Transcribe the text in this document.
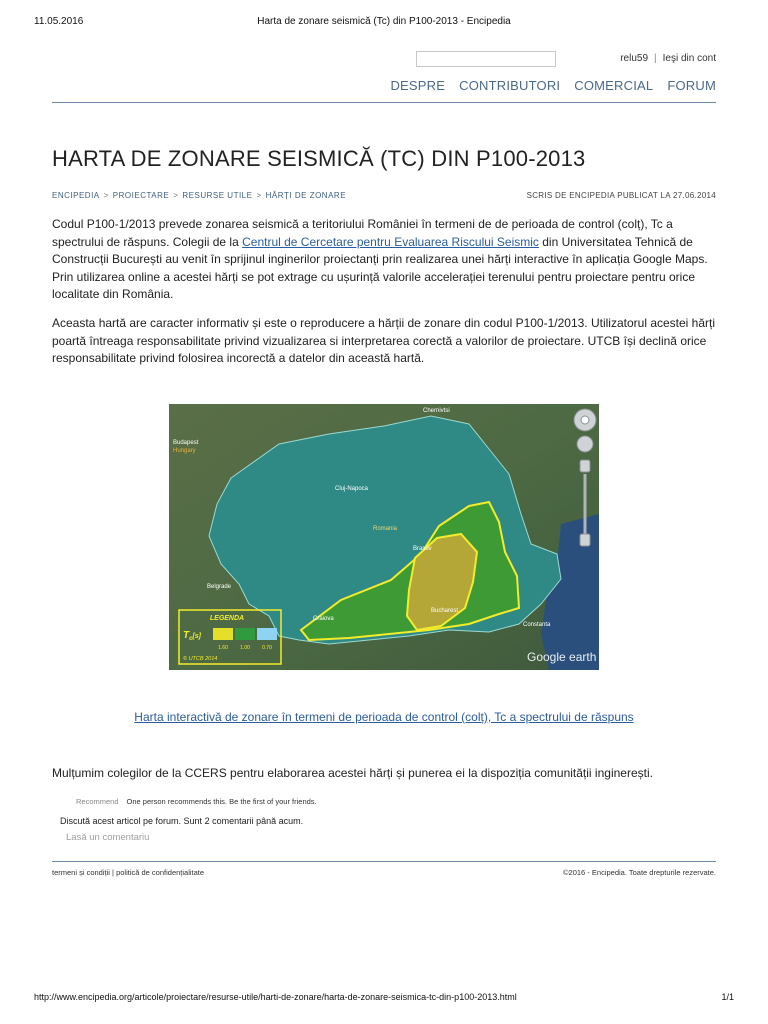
11.05.2016	Harta de zonare seismică (Tc) din P100-2013 - Encipedia
relu59 | Ieşi din cont
DESPRE CONTRIBUTORI COMERCIAL FORUM
HARTA DE ZONARE SEISMICĂ (TC) DIN P100-2013
ENCIPEDIA > PROIECTARE > RESURSE UTILE > HĂRȚI DE ZONARE	SCRIS DE ENCIPEDIA PUBLICAT LA 27.06.2014

Codul P100-1/2013 prevede zonarea seismică a teritoriului României în termeni de de perioada de control (colț), Tc a spectrului de răspuns. Colegii de la Centrul de Cercetare pentru Evaluarea Riscului Seismic din Universitatea Tehnică de Construcții București au venit în sprijinul inginerilor proiectanți prin realizarea unei hărți interactive în aplicația Google Maps. Prin utilizarea online a acestei hărți se pot extrage cu ușurință valorile accelerației terenului pentru proiectare pentru orice localitate din România.

Aceasta hartă are caracter informativ și este o reproducere a hărții de zonare din codul P100-1/2013. Utilizatorul acestei hărți poartă întreaga responsabilitate privind vizualizarea si interpretarea corectă a valorilor de proiectare. UTCB își declină orice responsabilitate privind folosirea incorectă a datelor din această hartă.

Budapest
Hungary
Chernivtsi
Cluj-Napoca
Romania
Brasov
Belgrade
Craiova
Bucharest
Constanta
LEGENDA
$T_c[s]$
1.60 1.00 0.70
© UTCB 2014	Google earth
Harta interactivă de zonare în termeni de perioada de control (colț), Tc a spectrului de răspuns

Mulțumim colegilor de la CCERS pentru elaborarea acestei hărți și punerea ei la dispoziția comunității inginerești.

Recommend One person recommends this. Be the first of your friends.
Discută acest articol pe forum. Sunt 2 comentarii până acum.
Lasă un comentariu
termeni și condiții | politică de confidențialitate	©2016 - Encipedia. Toate drepturile rezervate.
http://www.encipedia.org/articole/proiectare/resurse-utile/harti-de-zonare/harta-de-zonare-seismica-tc-din-p100-2013.html	1/1
